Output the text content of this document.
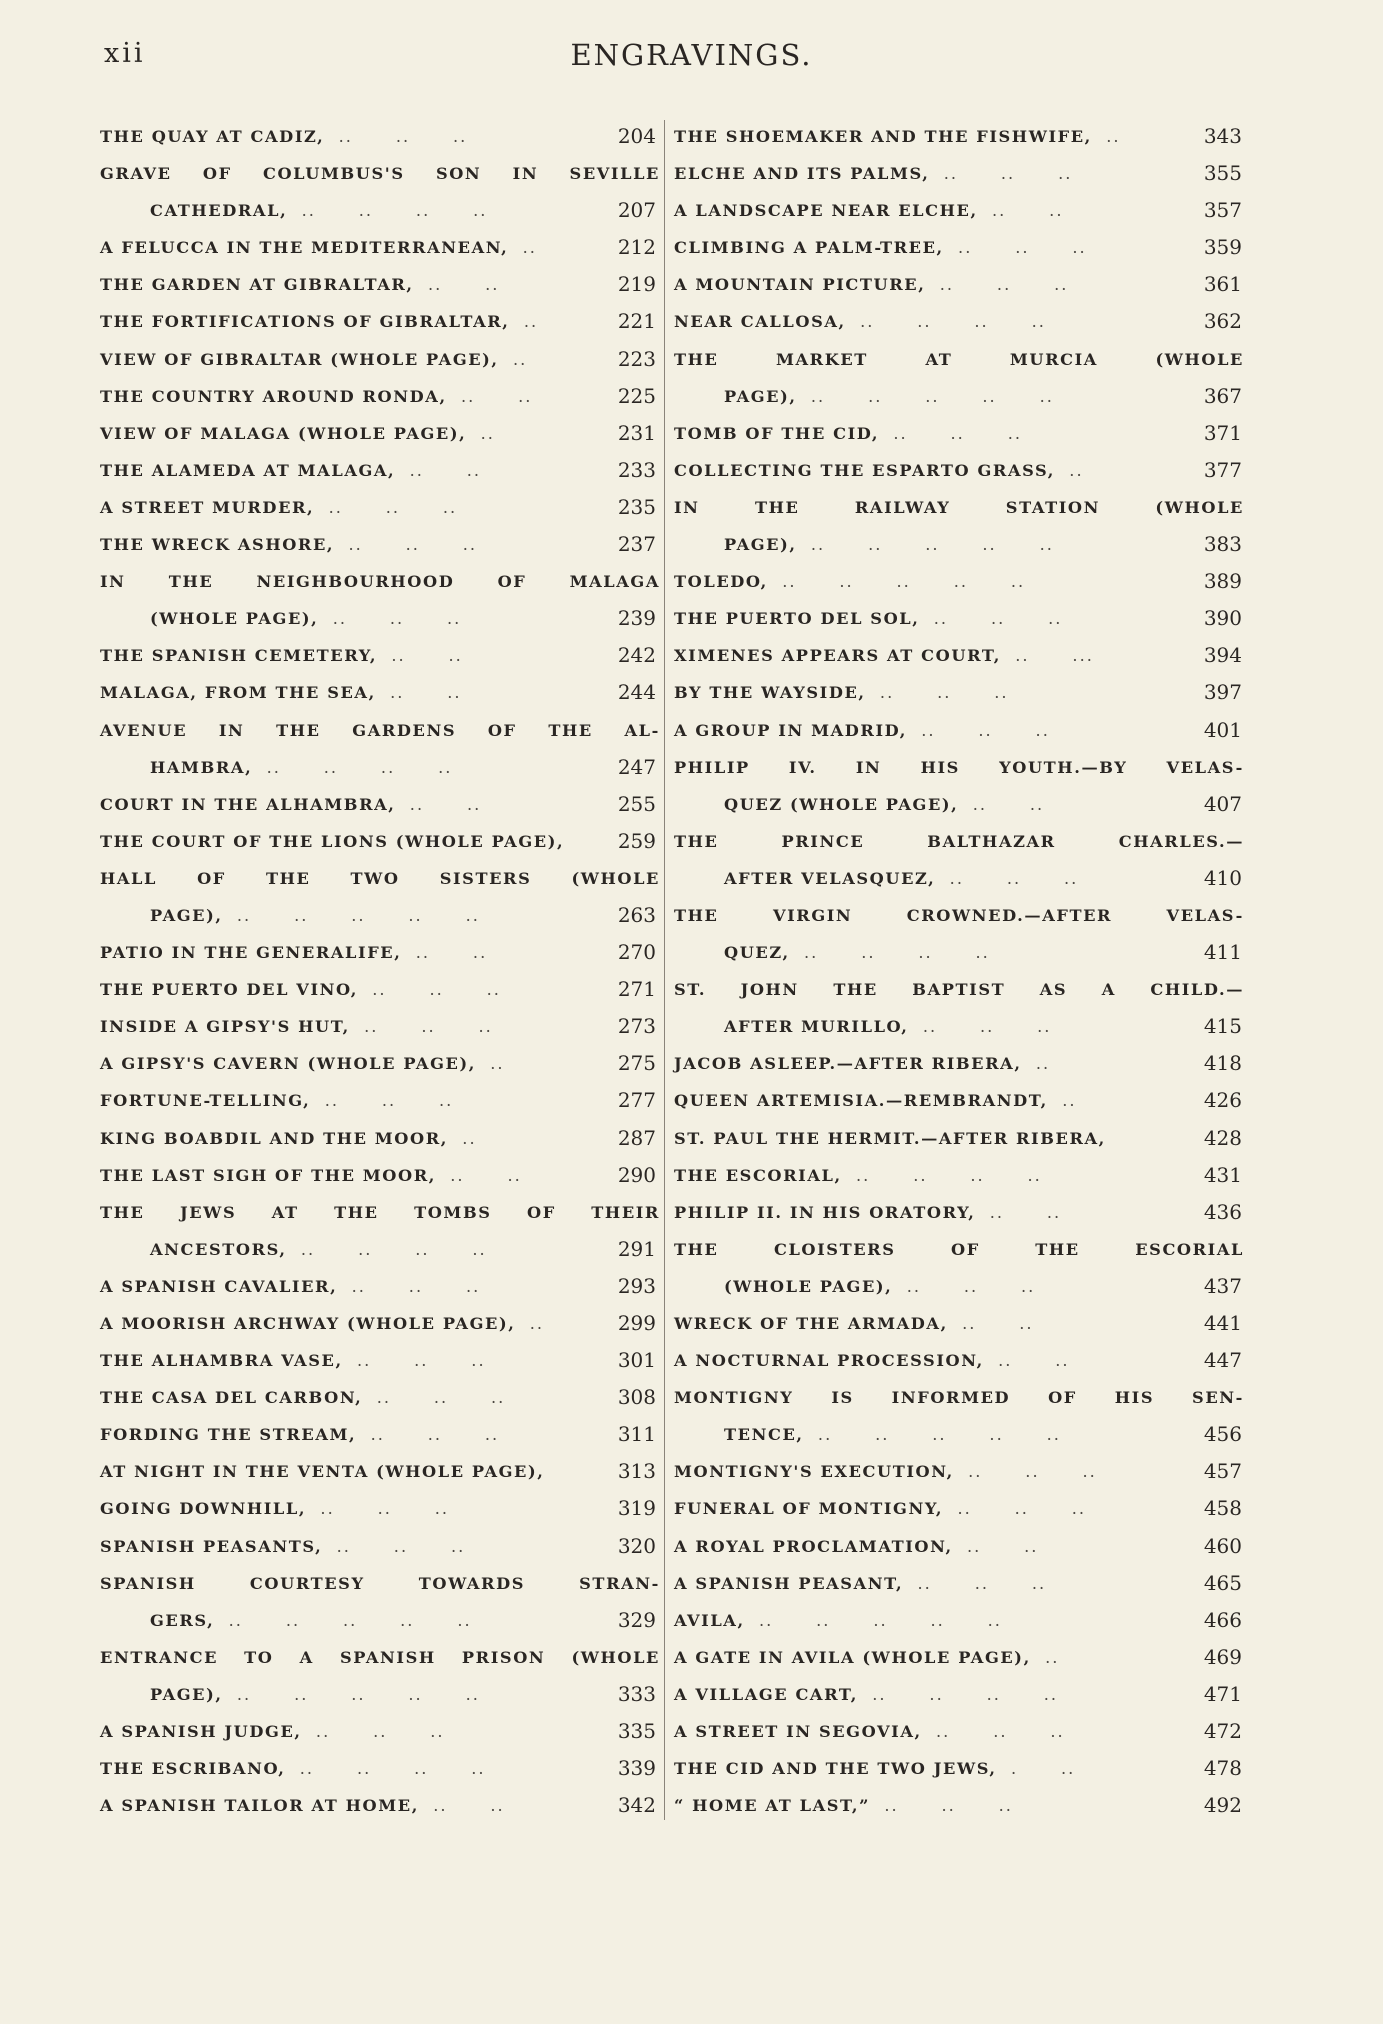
xii	ENGRAVINGS.
THE QUAY AT CADIZ,  ..      ..      ..	204
GRAVE OF COLUMBUS'S SON IN SEVILLE
CATHEDRAL,  ..      ..      ..      ..	207
A FELUCCA IN THE MEDITERRANEAN,  ..	212
THE GARDEN AT GIBRALTAR,  ..      ..	219
THE FORTIFICATIONS OF GIBRALTAR,  ..	221
VIEW OF GIBRALTAR (WHOLE PAGE),  ..	223
THE COUNTRY AROUND RONDA,  ..      ..	225
VIEW OF MALAGA (WHOLE PAGE),  ..	231
THE ALAMEDA AT MALAGA,  ..      ..	233
A STREET MURDER,  ..      ..      ..	235
THE WRECK ASHORE,  ..      ..      ..	237
IN THE NEIGHBOURHOOD OF MALAGA
(WHOLE PAGE),  ..      ..      ..	239
THE SPANISH CEMETERY,  ..      ..	242
MALAGA, FROM THE SEA,  ..      ..	244
AVENUE IN THE GARDENS OF THE AL-
HAMBRA,  ..      ..      ..      ..	247
COURT IN THE ALHAMBRA,  ..      ..	255
THE COURT OF THE LIONS (WHOLE PAGE),	259
HALL OF THE TWO SISTERS (WHOLE
PAGE),  ..      ..      ..      ..      ..	263
PATIO IN THE GENERALIFE,  ..      ..	270
THE PUERTO DEL VINO,  ..      ..      ..	271
INSIDE A GIPSY'S HUT,  ..      ..      ..	273
A GIPSY'S CAVERN (WHOLE PAGE),  ..	275
FORTUNE-TELLING,  ..      ..      ..	277
KING BOABDIL AND THE MOOR,  ..	287
THE LAST SIGH OF THE MOOR,  ..      ..	290
THE JEWS AT THE TOMBS OF THEIR
ANCESTORS,  ..      ..      ..      ..	291
A SPANISH CAVALIER,  ..      ..      ..	293
A MOORISH ARCHWAY (WHOLE PAGE),  ..	299
THE ALHAMBRA VASE,  ..      ..      ..	301
THE CASA DEL CARBON,  ..      ..      ..	308
FORDING THE STREAM,  ..      ..      ..	311
AT NIGHT IN THE VENTA (WHOLE PAGE),	313
GOING DOWNHILL,  ..      ..      ..	319
SPANISH PEASANTS,  ..      ..      ..	320
SPANISH COURTESY TOWARDS STRAN-
GERS,  ..      ..      ..      ..      ..	329
ENTRANCE TO A SPANISH PRISON (WHOLE
PAGE),  ..      ..      ..      ..      ..	333
A SPANISH JUDGE,  ..      ..      ..	335
THE ESCRIBANO,  ..      ..      ..      ..	339
A SPANISH TAILOR AT HOME,  ..      ..	342
THE SHOEMAKER AND THE FISHWIFE,  ..	343
ELCHE AND ITS PALMS,  ..      ..      ..	355
A LANDSCAPE NEAR ELCHE,  ..      ..	357
CLIMBING A PALM-TREE,  ..      ..      ..	359
A MOUNTAIN PICTURE,  ..      ..      ..	361
NEAR CALLOSA,  ..      ..      ..      ..	362
THE MARKET AT MURCIA (WHOLE
PAGE),  ..      ..      ..      ..      ..	367
TOMB OF THE CID,  ..      ..      ..	371
COLLECTING THE ESPARTO GRASS,  ..	377
IN THE RAILWAY STATION (WHOLE
PAGE),  ..      ..      ..      ..      ..	383
TOLEDO,  ..      ..      ..      ..      ..	389
THE PUERTO DEL SOL,  ..      ..      ..	390
XIMENES APPEARS AT COURT,  ..      ...	394
BY THE WAYSIDE,  ..      ..      ..	397
A GROUP IN MADRID,  ..      ..      ..	401
PHILIP IV. IN HIS YOUTH.—BY VELAS-
QUEZ (WHOLE PAGE),  ..      ..	407
THE PRINCE BALTHAZAR CHARLES.—
AFTER VELASQUEZ,  ..      ..      ..	410
THE VIRGIN CROWNED.—AFTER VELAS-
QUEZ,  ..      ..      ..      ..	411
ST. JOHN THE BAPTIST AS A CHILD.—
AFTER MURILLO,  ..      ..      ..	415
JACOB ASLEEP.—AFTER RIBERA,  ..	418
QUEEN ARTEMISIA.—REMBRANDT,  ..	426
ST. PAUL THE HERMIT.—AFTER RIBERA,	428
THE ESCORIAL,  ..      ..      ..      ..	431
PHILIP II. IN HIS ORATORY,  ..      ..	436
THE CLOISTERS OF THE ESCORIAL
(WHOLE PAGE),  ..      ..      ..	437
WRECK OF THE ARMADA,  ..      ..	441
A NOCTURNAL PROCESSION,  ..      ..	447
MONTIGNY IS INFORMED OF HIS SEN-
TENCE,  ..      ..      ..      ..      ..	456
MONTIGNY'S EXECUTION,  ..      ..      ..	457
FUNERAL OF MONTIGNY,  ..      ..      ..	458
A ROYAL PROCLAMATION,  ..      ..	460
A SPANISH PEASANT,  ..      ..      ..	465
AVILA,  ..      ..      ..      ..      ..	466
A GATE IN AVILA (WHOLE PAGE),  ..	469
A VILLAGE CART,  ..      ..      ..      ..	471
A STREET IN SEGOVIA,  ..      ..      ..	472
THE CID AND THE TWO JEWS,  .      ..	478
“ HOME AT LAST,”  ..      ..      ..	492
